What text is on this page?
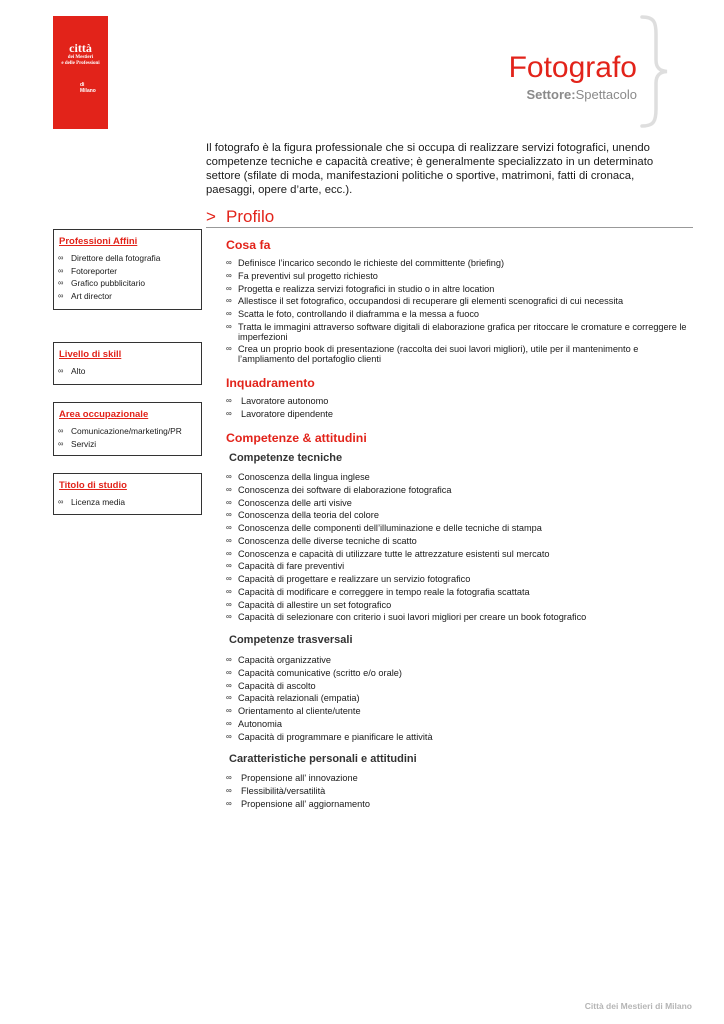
città
dei Mestieri
e delle Professioni
di
Milano
Fotografo
Settore:Spettacolo

Il fotografo è la figura professionale che si occupa di realizzare servizi fotografici, unendo competenze tecniche e capacità creative; è generalmente specializzato in un determinato settore (sfilate di moda, manifestazioni politiche o sportive, matrimoni, fatti di cronaca, paesaggi, opere d’arte, ecc.).

> Profilo
Cosa fa
∞ Definisce l’incarico secondo le richieste del committente (briefing)
∞ Fa preventivi sul progetto richiesto
∞ Progetta e realizza servizi fotografici in studio o in altre location
∞ Allestisce il set fotografico, occupandosi di recuperare gli elementi scenografici di cui necessita
∞ Scatta le foto, controllando il diaframma e la messa a fuoco
∞ Tratta le immagini attraverso software digitali di elaborazione grafica per ritoccare le cromature e correggere le imperfezioni
∞ Crea un proprio book di presentazione (raccolta dei suoi lavori migliori), utile per il mantenimento e l’ampliamento del portafoglio clienti
Inquadramento
∞ Lavoratore autonomo
∞ Lavoratore dipendente
Competenze & attitudini
Competenze tecniche
∞ Conoscenza della lingua inglese
∞ Conoscenza dei software di elaborazione fotografica
∞ Conoscenza delle arti visive
∞ Conoscenza della teoria del colore
∞ Conoscenza delle componenti dell’illuminazione e delle tecniche di stampa
∞ Conoscenza delle diverse tecniche di scatto
∞ Conoscenza e capacità di utilizzare tutte le attrezzature esistenti sul mercato
∞ Capacità di fare preventivi
∞ Capacità di progettare e realizzare un servizio fotografico
∞ Capacità di modificare e correggere in tempo reale la fotografia scattata
∞ Capacità di allestire un set fotografico
∞ Capacità di selezionare con criterio i suoi lavori migliori per creare un book fotografico
Competenze trasversali
∞ Capacità organizzative
∞ Capacità comunicative (scritto e/o orale)
∞ Capacità di ascolto
∞ Capacità relazionali (empatia)
∞ Orientamento al cliente/utente
∞ Autonomia
∞ Capacità di programmare e pianificare le attività
Caratteristiche personali e attitudini
∞ Propensione all' innovazione
∞ Flessibilità/versatilità
∞ Propensione all' aggiornamento
Professioni Affini
∞ Direttore della fotografia
∞ Fotoreporter
∞ Grafico pubblicitario
∞ Art director
Livello di skill
∞ Alto
Area occupazionale
∞ Comunicazione/marketing/PR
∞ Servizi
Titolo di studio
∞ Licenza media
Città dei Mestieri di Milano
